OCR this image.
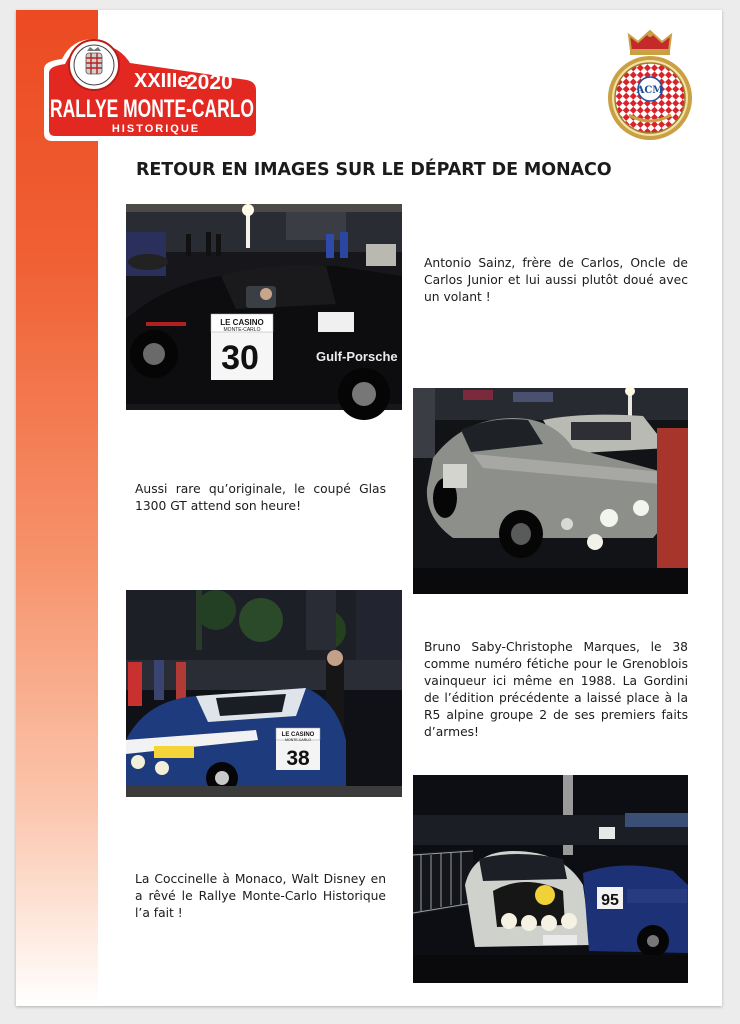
XXIIIe
2020
RALLYE MONTE-CARLO
HISTORIQUE
ACM
RETOUR EN IMAGES SUR LE DÉPART DE MONACO
LE CASINO
MONTE-CARLO
30	Gulf-Porsche
LE CASINO
MONTE-CARLO
38
95

Antonio Sainz, frère de Carlos, Oncle de Carlos Junior et lui aussi plutôt doué avec un volant !

Aussi rare qu’originale, le coupé Glas 1300 GT attend son heure!

Bruno Saby-Christophe Marques, le 38 comme numéro fétiche pour le Grenoblois vainqueur ici même en 1988. La Gordini de l’édition précédente a laissé place à la R5 alpine groupe 2 de ses premiers faits d’armes!

La Coccinelle à Monaco, Walt Disney en a rêvé le Rallye Monte-Carlo Historique l’a fait !
